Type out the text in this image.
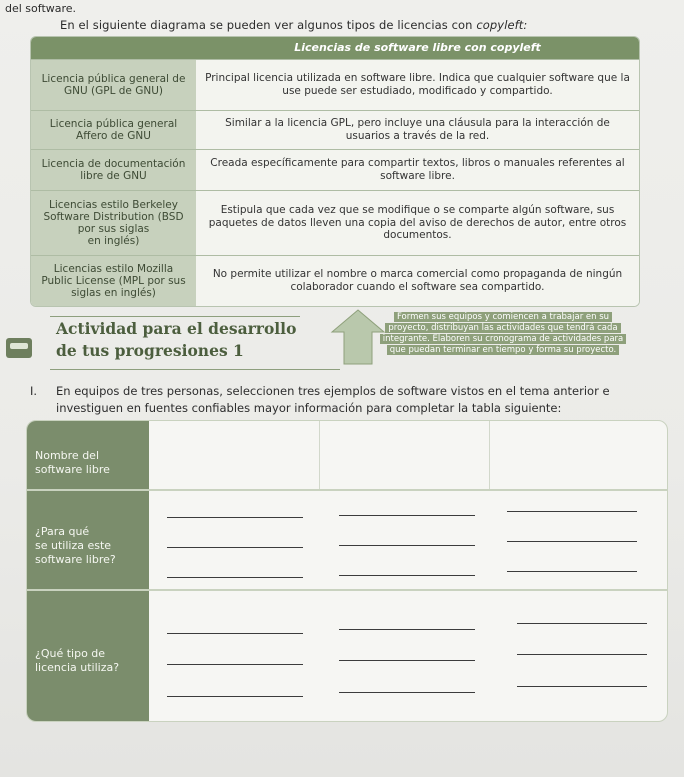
del software.
En el siguiente diagrama se pueden ver algunos tipos de licencias con copyleft:
Licencias de software libre con copyleft
Licencia pública general de
GNU (GPL de GNU)
Principal licencia utilizada en software libre. Indica que cualquier software que la use puede ser estudiado, modificado y compartido.
Licencia pública general
Affero de GNU
Similar a la licencia GPL, pero incluye una cláusula para la interacción de usuarios a través de la red.
Licencia de documentación
libre de GNU
Creada específicamente para compartir textos, libros o manuales referentes al software libre.
Licencias estilo Berkeley
Software Distribution (BSD
por sus siglas
en inglés)
Estipula que cada vez que se modifique o se comparte algún software, sus paquetes de datos lleven una copia del aviso de derechos de autor, entre otros documentos.
Licencias estilo Mozilla
Public License (MPL por sus
siglas en inglés)
No permite utilizar el nombre o marca comercial como propaganda de ningún colaborador cuando el software sea compartido.
Actividad para el desarrollo
de tus progresiones 1
Formen sus equipos y comiencen a trabajar en su
proyecto, distribuyan las actividades que tendrá cada
integrante. Elaboren su cronograma de actividades para
que puedan terminar en tiempo y forma su proyecto.
I.	En equipos de tres personas, seleccionen tres ejemplos de software vistos en el tema anterior e investiguen en fuentes confiables mayor información para completar la tabla siguiente:
Nombre del
software libre
¿Para qué
se utiliza este
software libre?
¿Qué tipo de
licencia utiliza?
